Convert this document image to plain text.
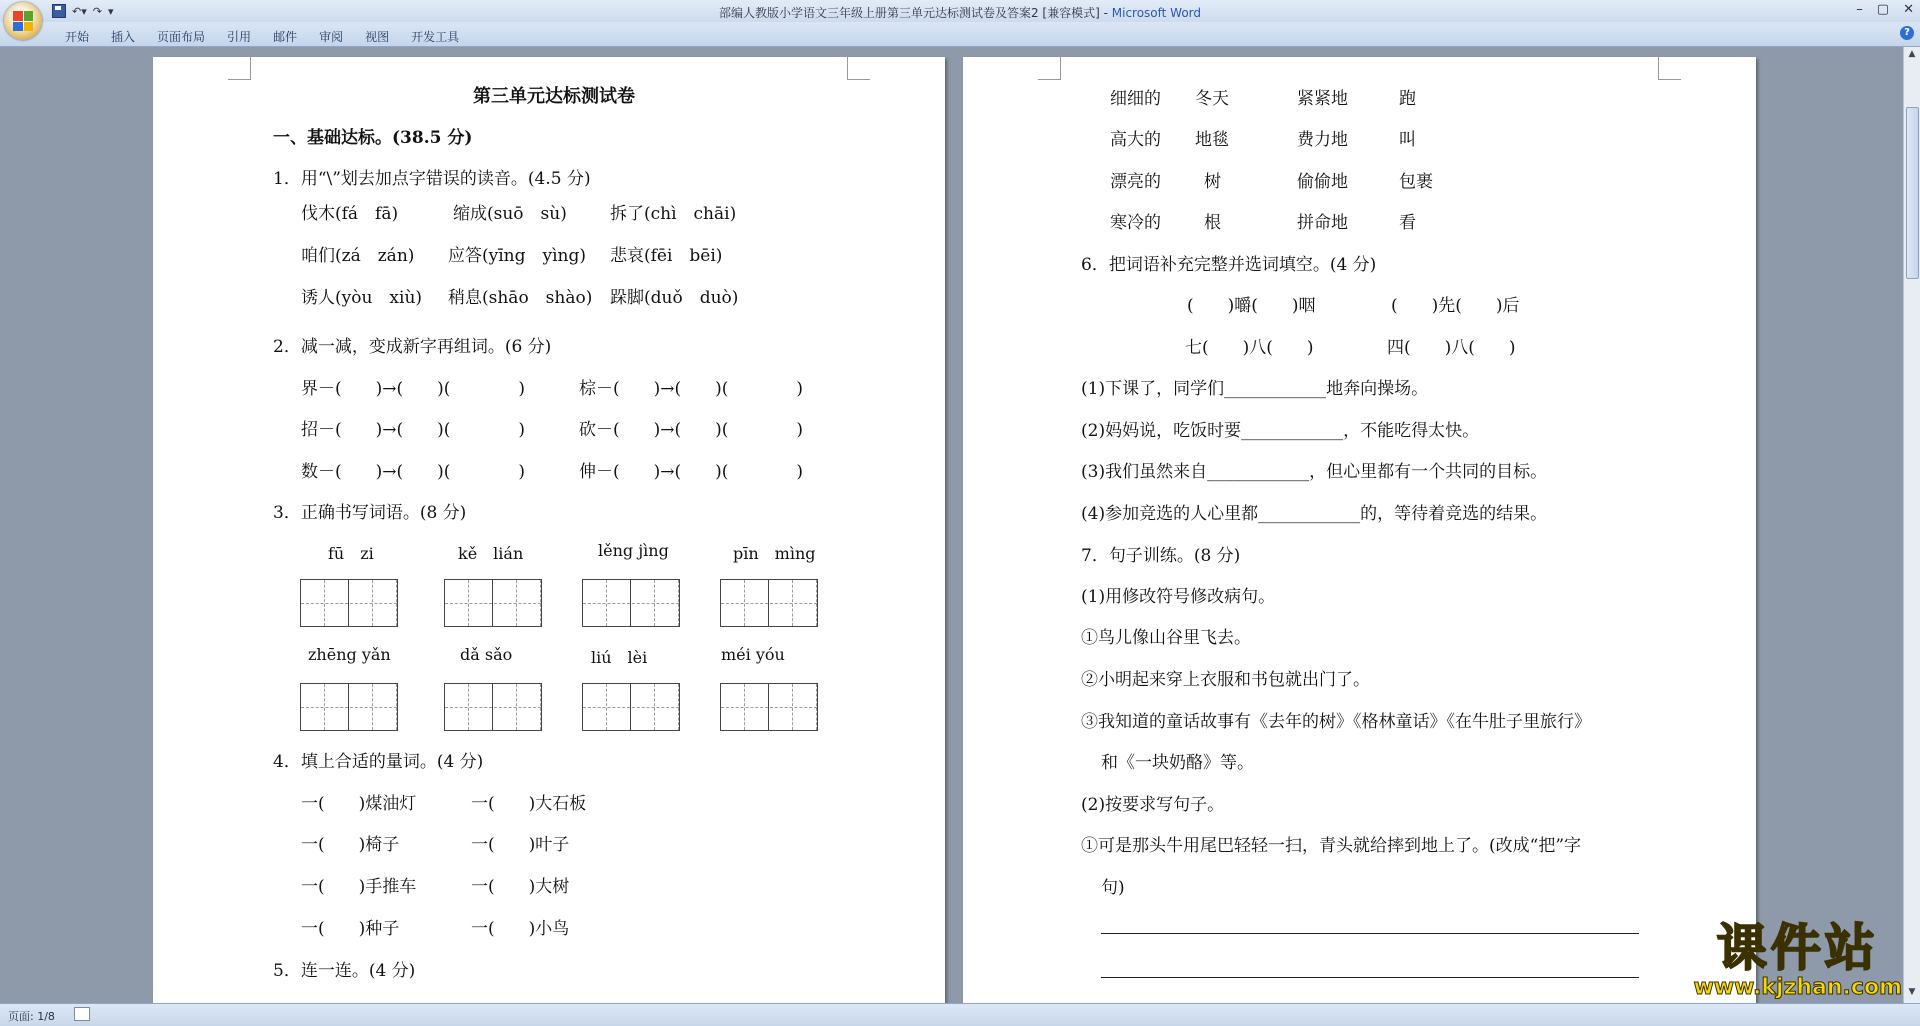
↶▾ ↷ ▾	部编人教版小学语文三年级上册第三单元达标测试卷及答案2 [兼容模式] - Microsoft Word	– ▢ ✕
开始	插入	页面布局	引用	邮件	审阅	视图	开发工具	?
第三单元达标测试卷
一、基础达标。(38.5 分)
1．用“\”划去加点字错误的读音。(4.5 分)
伐木(fá　fā)	缩成(suō　sù)	拆了(chì　chāi)
咱们(zá　zán) 应答(yīng　yìng) 悲哀(fēi　bēi)
诱人(yòu　xiù) 稍息(shāo　shào) 跺脚(duǒ　duò)
2．减一减，变成新字再组词。(6 分)
界－(　　)→(　　)(　　　　)	棕－(　　)→(　　)(　　　　)
招－(　　)→(　　)(　　　　)	砍－(　　)→(　　)(　　　　)
数－(　　)→(　　)(　　　　)	伸－(　　)→(　　)(　　　　)
3．正确书写词语。(8 分)
fū　zi	kě　lián	lěng jìng	pīn　mìng
zhēng yǎn	dǎ sǎo	liú　lèi	méi yóu
4．填上合适的量词。(4 分)
一(　　)煤油灯	一(　　)大石板
一(　　)椅子	一(　　)叶子
一(　　)手推车	一(　　)大树
一(　　)种子	一(　　)小鸟
5．连一连。(4 分)
细细的 冬天	紧紧地	跑
高大的 地毯	费力地	叫
漂亮的	树	偷偷地	包裹
寒冷的	根	拼命地	看
6．把词语补充完整并选词填空。(4 分)
(　　)嚼(　　)咽	(　　)先(　　)后
七(　　)八(　　)	四(　　)八(　　)
(1)下课了，同学们____________地奔向操场。
(2)妈妈说，吃饭时要____________，不能吃得太快。
(3)我们虽然来自____________，但心里都有一个共同的目标。
(4)参加竞选的人心里都____________的，等待着竞选的结果。
7．句子训练。(8 分)
(1)用修改符号修改病句。
①鸟儿像山谷里飞去。
②小明起来穿上衣服和书包就出门了。
③我知道的童话故事有《去年的树》《格林童话》《在牛肚子里旅行》
和《一块奶酪》等。
(2)按要求写句子。
①可是那头牛用尾巴轻轻一扫，青头就给摔到地上了。(改成“把”字
句)
▲
▼
页面: 1/8
课件站
www.kjzhan.com
